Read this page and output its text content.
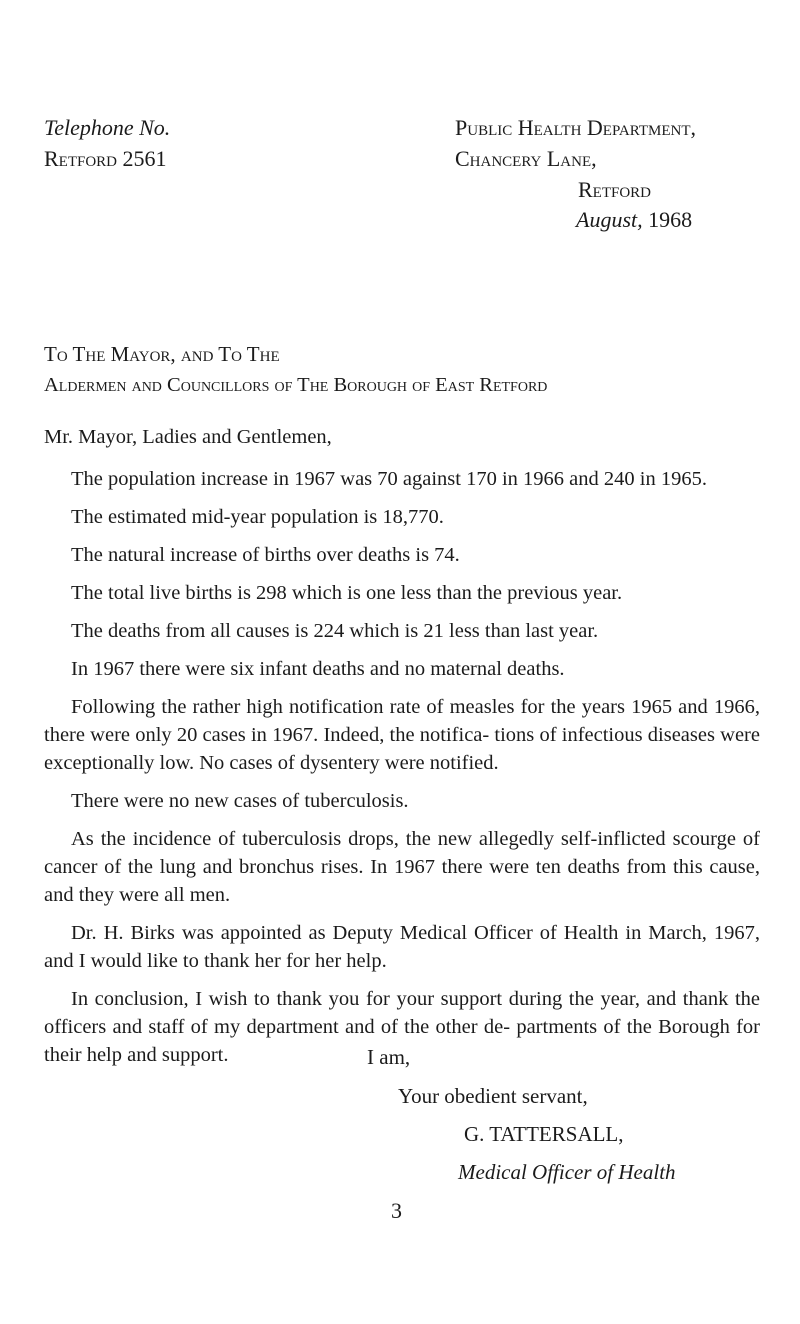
Telephone No.
Retford 2561
Public Health Department,
Chancery Lane,
Retford
August, 1968
To The Mayor, and To The
Aldermen and Councillors of The Borough of East Retford

Mr. Mayor, Ladies and Gentlemen,

The population increase in 1967 was 70 against 170 in 1966 and 240 in 1965.

The estimated mid-year population is 18,770.

The natural increase of births over deaths is 74.

The total live births is 298 which is one less than the previous year.

The deaths from all causes is 224 which is 21 less than last year.

In 1967 there were six infant deaths and no maternal deaths.

Following the rather high notification rate of measles for the years 1965 and 1966, there were only 20 cases in 1967. Indeed, the notifica- tions of infectious diseases were exceptionally low. No cases of dysentery were notified.

There were no new cases of tuberculosis.

As the incidence of tuberculosis drops, the new allegedly self-inflicted scourge of cancer of the lung and bronchus rises. In 1967 there were ten deaths from this cause, and they were all men.

Dr. H. Birks was appointed as Deputy Medical Officer of Health in March, 1967, and I would like to thank her for her help.

In conclusion, I wish to thank you for your support during the year, and thank the officers and staff of my department and of the other de- partments of the Borough for their help and support.	I am,
Your obedient servant,
G. TATTERSALL,
Medical Officer of Health
3
